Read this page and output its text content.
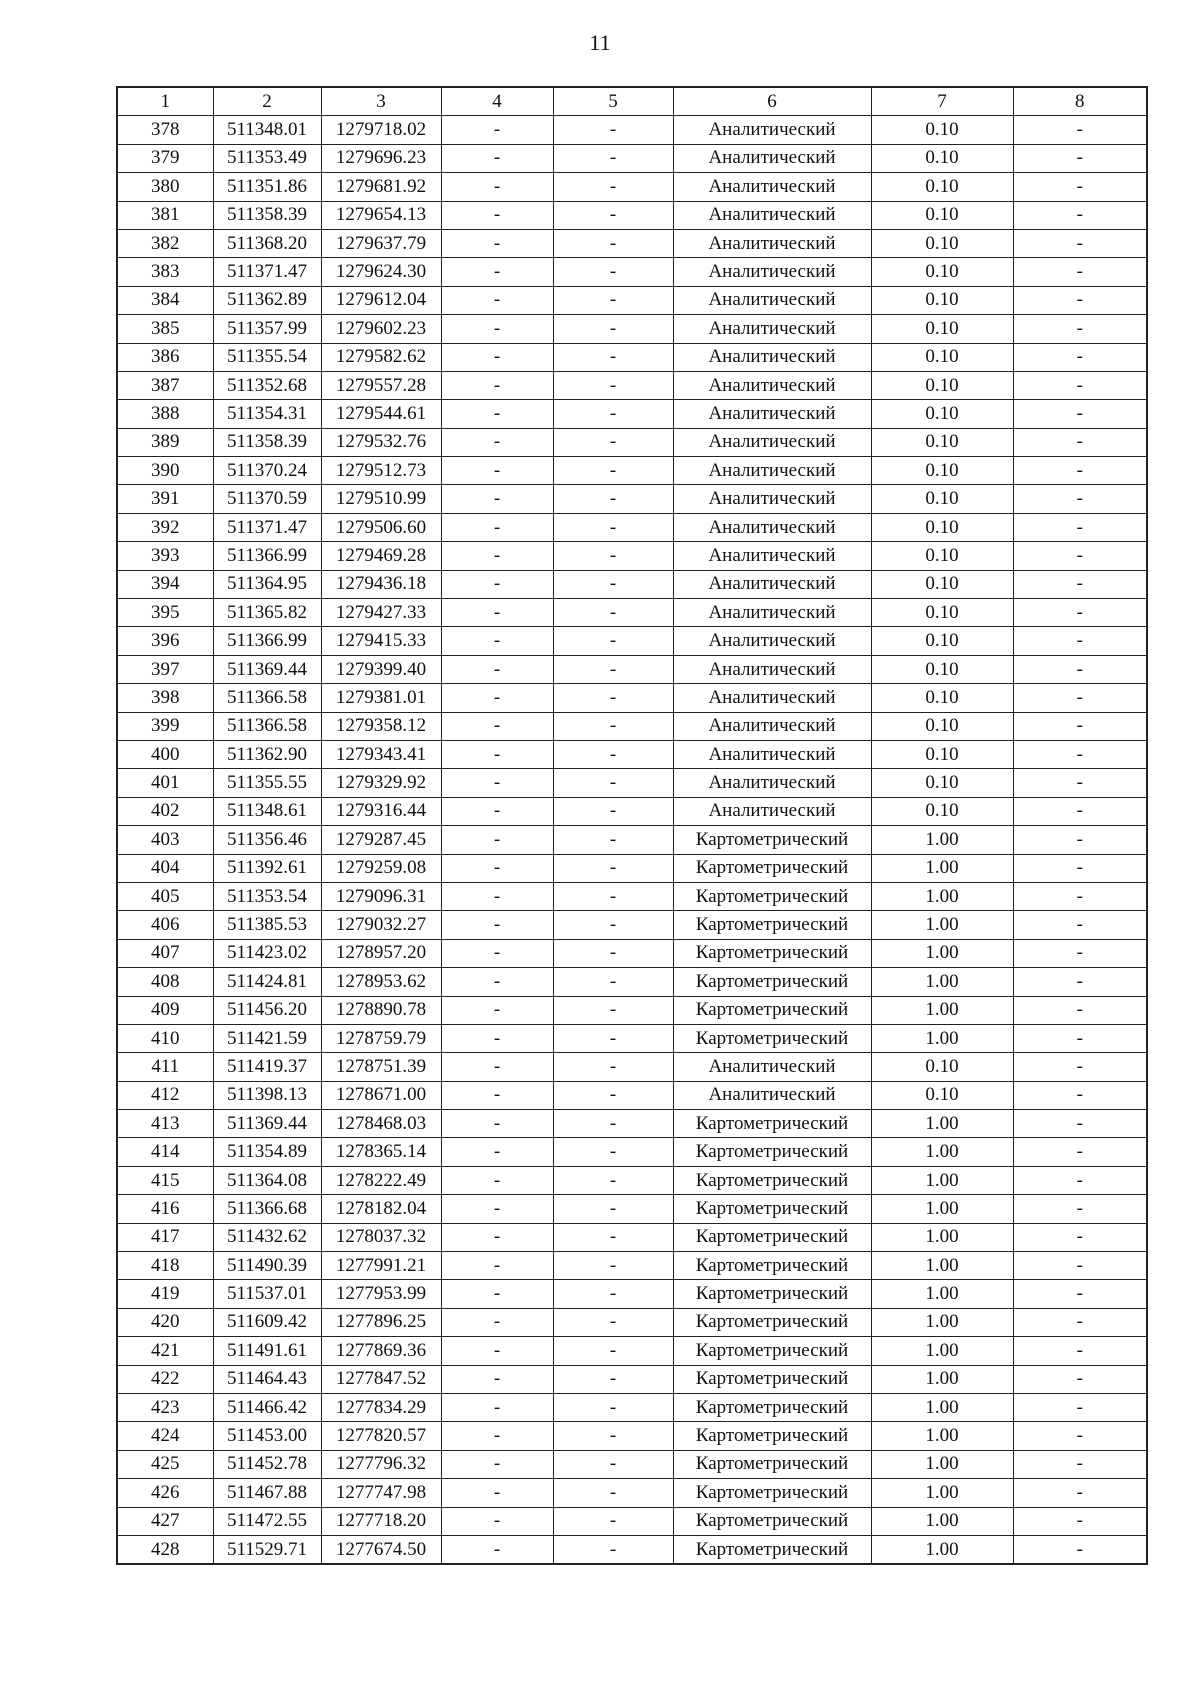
11
1	2	3	4	5	6	7	8
378	511348.01	1279718.02	-	-	Аналитический	0.10	-
379	511353.49	1279696.23	-	-	Аналитический	0.10	-
380	511351.86	1279681.92	-	-	Аналитический	0.10	-
381	511358.39	1279654.13	-	-	Аналитический	0.10	-
382	511368.20	1279637.79	-	-	Аналитический	0.10	-
383	511371.47	1279624.30	-	-	Аналитический	0.10	-
384	511362.89	1279612.04	-	-	Аналитический	0.10	-
385	511357.99	1279602.23	-	-	Аналитический	0.10	-
386	511355.54	1279582.62	-	-	Аналитический	0.10	-
387	511352.68	1279557.28	-	-	Аналитический	0.10	-
388	511354.31	1279544.61	-	-	Аналитический	0.10	-
389	511358.39	1279532.76	-	-	Аналитический	0.10	-
390	511370.24	1279512.73	-	-	Аналитический	0.10	-
391	511370.59	1279510.99	-	-	Аналитический	0.10	-
392	511371.47	1279506.60	-	-	Аналитический	0.10	-
393	511366.99	1279469.28	-	-	Аналитический	0.10	-
394	511364.95	1279436.18	-	-	Аналитический	0.10	-
395	511365.82	1279427.33	-	-	Аналитический	0.10	-
396	511366.99	1279415.33	-	-	Аналитический	0.10	-
397	511369.44	1279399.40	-	-	Аналитический	0.10	-
398	511366.58	1279381.01	-	-	Аналитический	0.10	-
399	511366.58	1279358.12	-	-	Аналитический	0.10	-
400	511362.90	1279343.41	-	-	Аналитический	0.10	-
401	511355.55	1279329.92	-	-	Аналитический	0.10	-
402	511348.61	1279316.44	-	-	Аналитический	0.10	-
403	511356.46	1279287.45	-	-	Картометрический	1.00	-
404	511392.61	1279259.08	-	-	Картометрический	1.00	-
405	511353.54	1279096.31	-	-	Картометрический	1.00	-
406	511385.53	1279032.27	-	-	Картометрический	1.00	-
407	511423.02	1278957.20	-	-	Картометрический	1.00	-
408	511424.81	1278953.62	-	-	Картометрический	1.00	-
409	511456.20	1278890.78	-	-	Картометрический	1.00	-
410	511421.59	1278759.79	-	-	Картометрический	1.00	-
411	511419.37	1278751.39	-	-	Аналитический	0.10	-
412	511398.13	1278671.00	-	-	Аналитический	0.10	-
413	511369.44	1278468.03	-	-	Картометрический	1.00	-
414	511354.89	1278365.14	-	-	Картометрический	1.00	-
415	511364.08	1278222.49	-	-	Картометрический	1.00	-
416	511366.68	1278182.04	-	-	Картометрический	1.00	-
417	511432.62	1278037.32	-	-	Картометрический	1.00	-
418	511490.39	1277991.21	-	-	Картометрический	1.00	-
419	511537.01	1277953.99	-	-	Картометрический	1.00	-
420	511609.42	1277896.25	-	-	Картометрический	1.00	-
421	511491.61	1277869.36	-	-	Картометрический	1.00	-
422	511464.43	1277847.52	-	-	Картометрический	1.00	-
423	511466.42	1277834.29	-	-	Картометрический	1.00	-
424	511453.00	1277820.57	-	-	Картометрический	1.00	-
425	511452.78	1277796.32	-	-	Картометрический	1.00	-
426	511467.88	1277747.98	-	-	Картометрический	1.00	-
427	511472.55	1277718.20	-	-	Картометрический	1.00	-
428	511529.71	1277674.50	-	-	Картометрический	1.00	-
